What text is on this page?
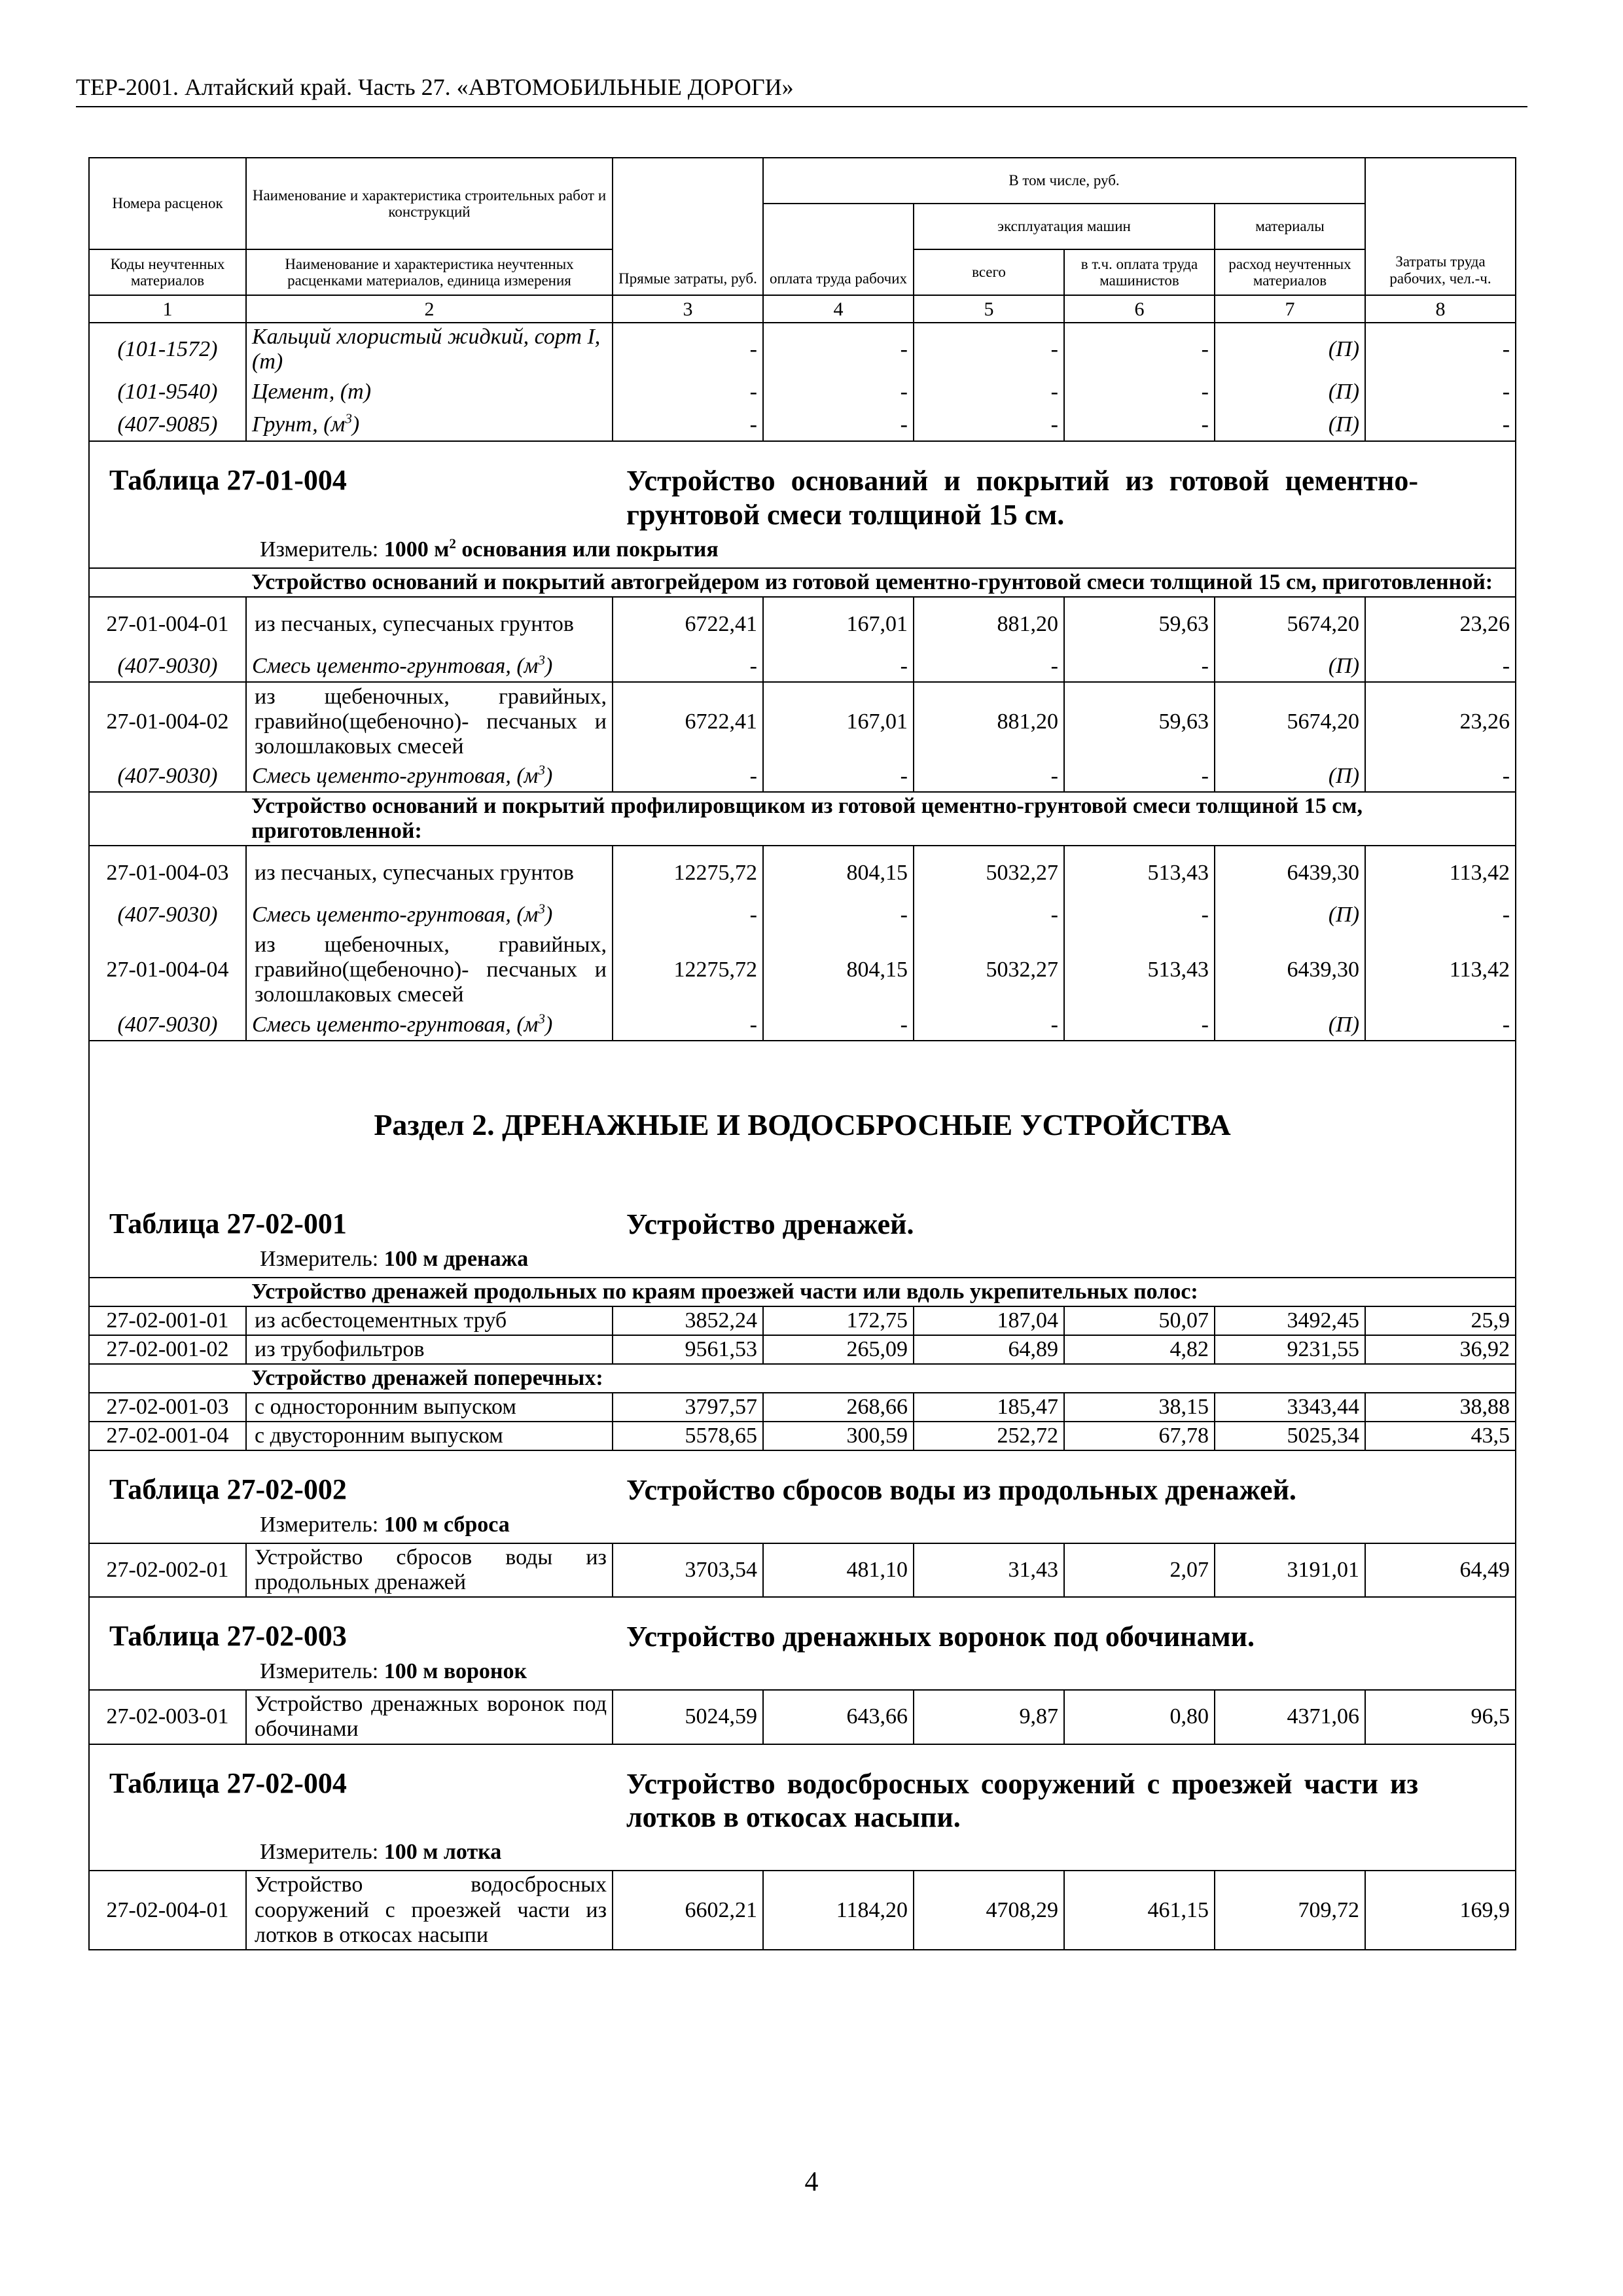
ТЕР-2001. Алтайский край. Часть 27. «АВТОМОБИЛЬНЫЕ ДОРОГИ»
Номера расценок	Наименование и характеристика строительных работ и конструкций	Прямые затраты, руб.	В том числе, руб.				Затраты труда рабочих, чел.-ч.
			оплата труда рабочих	эксплуатация машин		материалы	
Коды неучтенных материалов	Наименование и характеристика неучтенных расценками материалов, единица измерения			всего	в т.ч. оплата труда машинистов	расход неучтенных материалов	

1	2	3	4	5	6	7	8
(101-1572)	Кальций хлористый жидкий, сорт I, (т)	-	-	-	-	(П)	-
(101-9540)	Цемент, (т)	-	-	-	-	(П)	-
(407-9085)	Грунт, $(м^3)$	-	-	-	-	(П)	-

Таблица 27-01-004 Устройство оснований и покрытий из готовой цементно-грунтовой смеси толщиной 15 см.
Измеритель: 1000 $м^2$ основания или покрытия							

	Устройство оснований и покрытий автогрейдером из готовой цементно-грунтовой смеси толщиной 15 см, приготовленной:						
27-01-004-01	из песчаных, супесчаных грунтов	6722,41	167,01	881,20	59,63	5674,20	23,26
(407-9030)	Смесь цементо-грунтовая, $(м^3)$	-	-	-	-	(П)	-
27-01-004-02	из щебеночных, гравийных, гравийно(щебеночно)- песчаных и золошлаковых смесей	6722,41	167,01	881,20	59,63	5674,20	23,26
(407-9030)	Смесь цементо-грунтовая, $(м^3)$	-	-	-	-	(П)	-
	Устройство оснований и покрытий профилировщиком из готовой цементно-грунтовой смеси толщиной 15 см, приготовленной:						
27-01-004-03	из песчаных, супесчаных грунтов	12275,72	804,15	5032,27	513,43	6439,30	113,42
(407-9030)	Смесь цементо-грунтовая, $(м^3)$	-	-	-	-	(П)	-
27-01-004-04	из щебеночных, гравийных, гравийно(щебеночно)- песчаных и золошлаковых смесей	12275,72	804,15	5032,27	513,43	6439,30	113,42
(407-9030)	Смесь цементо-грунтовая, $(м^3)$	-	-	-	-	(П)	-

Раздел 2. ДРЕНАЖНЫЕ И ВОДОСБРОСНЫЕ УСТРОЙСТВА
Таблица 27-02-001 Устройство дренажей.
Измеритель: 100 м дренажа							

	Устройство дренажей продольных по краям проезжей части или вдоль укрепительных полос:						
27-02-001-01	из асбестоцементных труб	3852,24	172,75	187,04	50,07	3492,45	25,9
27-02-001-02	из трубофильтров	9561,53	265,09	64,89	4,82	9231,55	36,92
	Устройство дренажей поперечных:						
27-02-001-03	с односторонним выпуском	3797,57	268,66	185,47	38,15	3343,44	38,88
27-02-001-04	с двусторонним выпуском	5578,65	300,59	252,72	67,78	5025,34	43,5

Таблица 27-02-002 Устройство сбросов воды из продольных дренажей.
Измеритель: 100 м сброса							

27-02-002-01	Устройство сбросов воды из продольных дренажей	3703,54	481,10	31,43	2,07	3191,01	64,49

Таблица 27-02-003 Устройство дренажных воронок под обочинами.
Измеритель: 100 м воронок							

27-02-003-01	Устройство дренажных воронок под обочинами	5024,59	643,66	9,87	0,80	4371,06	96,5

Таблица 27-02-004 Устройство водосбросных сооружений с проезжей части из лотков в откосах насыпи.
Измеритель: 100 м лотка							

27-02-004-01	Устройство водосбросных сооружений с проезжей части из лотков в откосах насыпи	6602,21	1184,20	4708,29	461,15	709,72	169,9
4
